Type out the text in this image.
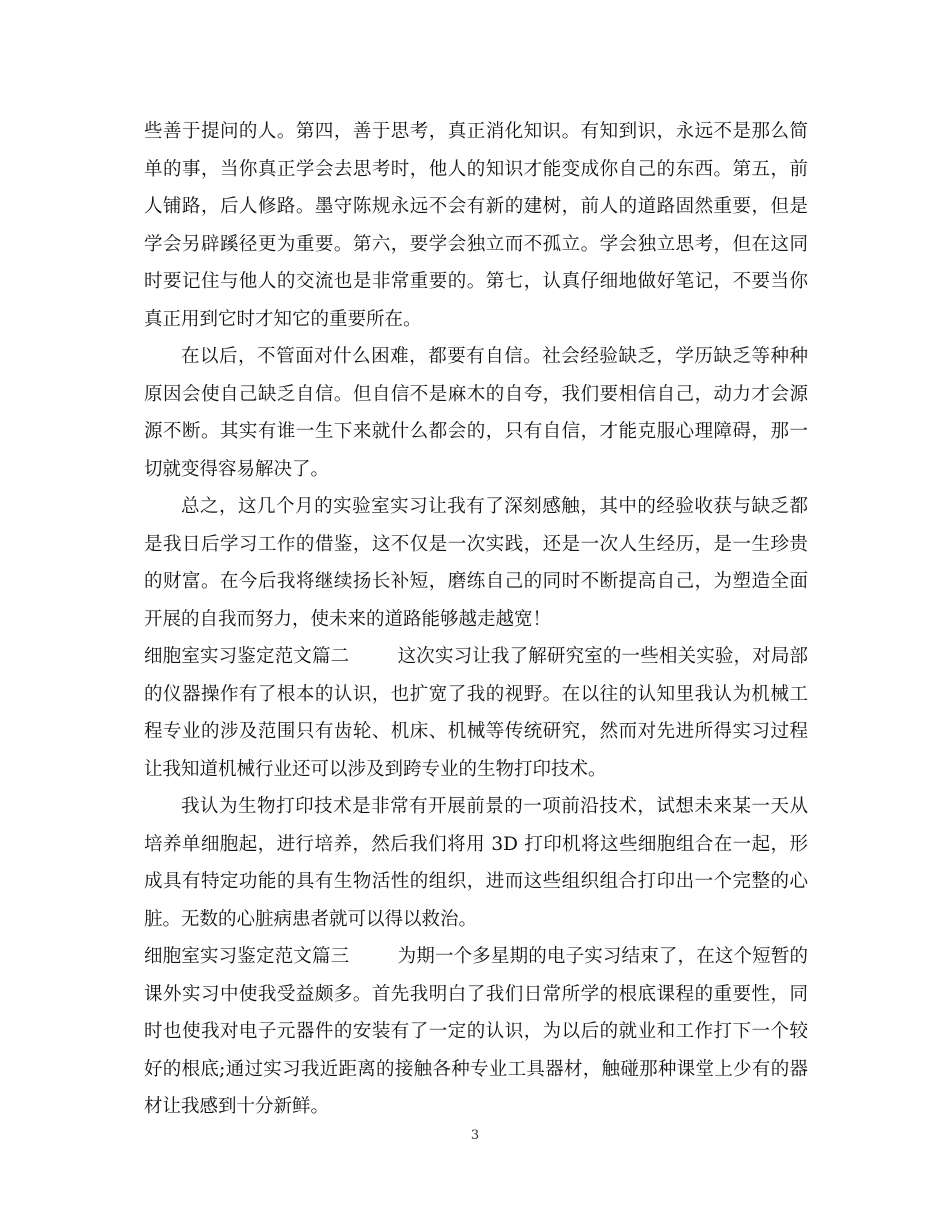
些善于提问的人。第四，善于思考，真正消化知识。有知到识，永远不是那么简单的事，当你真正学会去思考时，他人的知识才能变成你自己的东西。第五，前人铺路，后人修路。墨守陈规永远不会有新的建树，前人的道路固然重要，但是学会另辟蹊径更为重要。第六，要学会独立而不孤立。学会独立思考，但在这同时要记住与他人的交流也是非常重要的。第七，认真仔细地做好笔记，不要当你真正用到它时才知它的重要所在。

在以后，不管面对什么困难，都要有自信。社会经验缺乏，学历缺乏等种种原因会使自己缺乏自信。但自信不是麻木的自夸，我们要相信自己，动力才会源源不断。其实有谁一生下来就什么都会的，只有自信，才能克服心理障碍，那一切就变得容易解决了。

总之，这几个月的实验室实习让我有了深刻感触，其中的经验收获与缺乏都是我日后学习工作的借鉴，这不仅是一次实践，还是一次人生经历，是一生珍贵的财富。在今后我将继续扬长补短，磨练自己的同时不断提高自己，为塑造全面开展的自我而努力，使未来的道路能够越走越宽！

细胞室实习鉴定范文篇二	这次实习让我了解研究室的一些相关实验，对局部的仪器操作有了根本的认识，也扩宽了我的视野。在以往的认知里我认为机械工程专业的涉及范围只有齿轮、机床、机械等传统研究，然而对先进所得实习过程让我知道机械行业还可以涉及到跨专业的生物打印技术。

我认为生物打印技术是非常有开展前景的一项前沿技术，试想未来某一天从培养单细胞起，进行培养，然后我们将用 3D 打印机将这些细胞组合在一起，形成具有特定功能的具有生物活性的组织，进而这些组织组合打印出一个完整的心脏。无数的心脏病患者就可以得以救治。

细胞室实习鉴定范文篇三	为期一个多星期的电子实习结束了，在这个短暂的课外实习中使我受益颇多。首先我明白了我们日常所学的根底课程的重要性，同时也使我对电子元器件的安装有了一定的认识，为以后的就业和工作打下一个较好的根底;通过实习我近距离的接触各种专业工具器材，触碰那种课堂上少有的器材让我感到十分新鲜。

3
